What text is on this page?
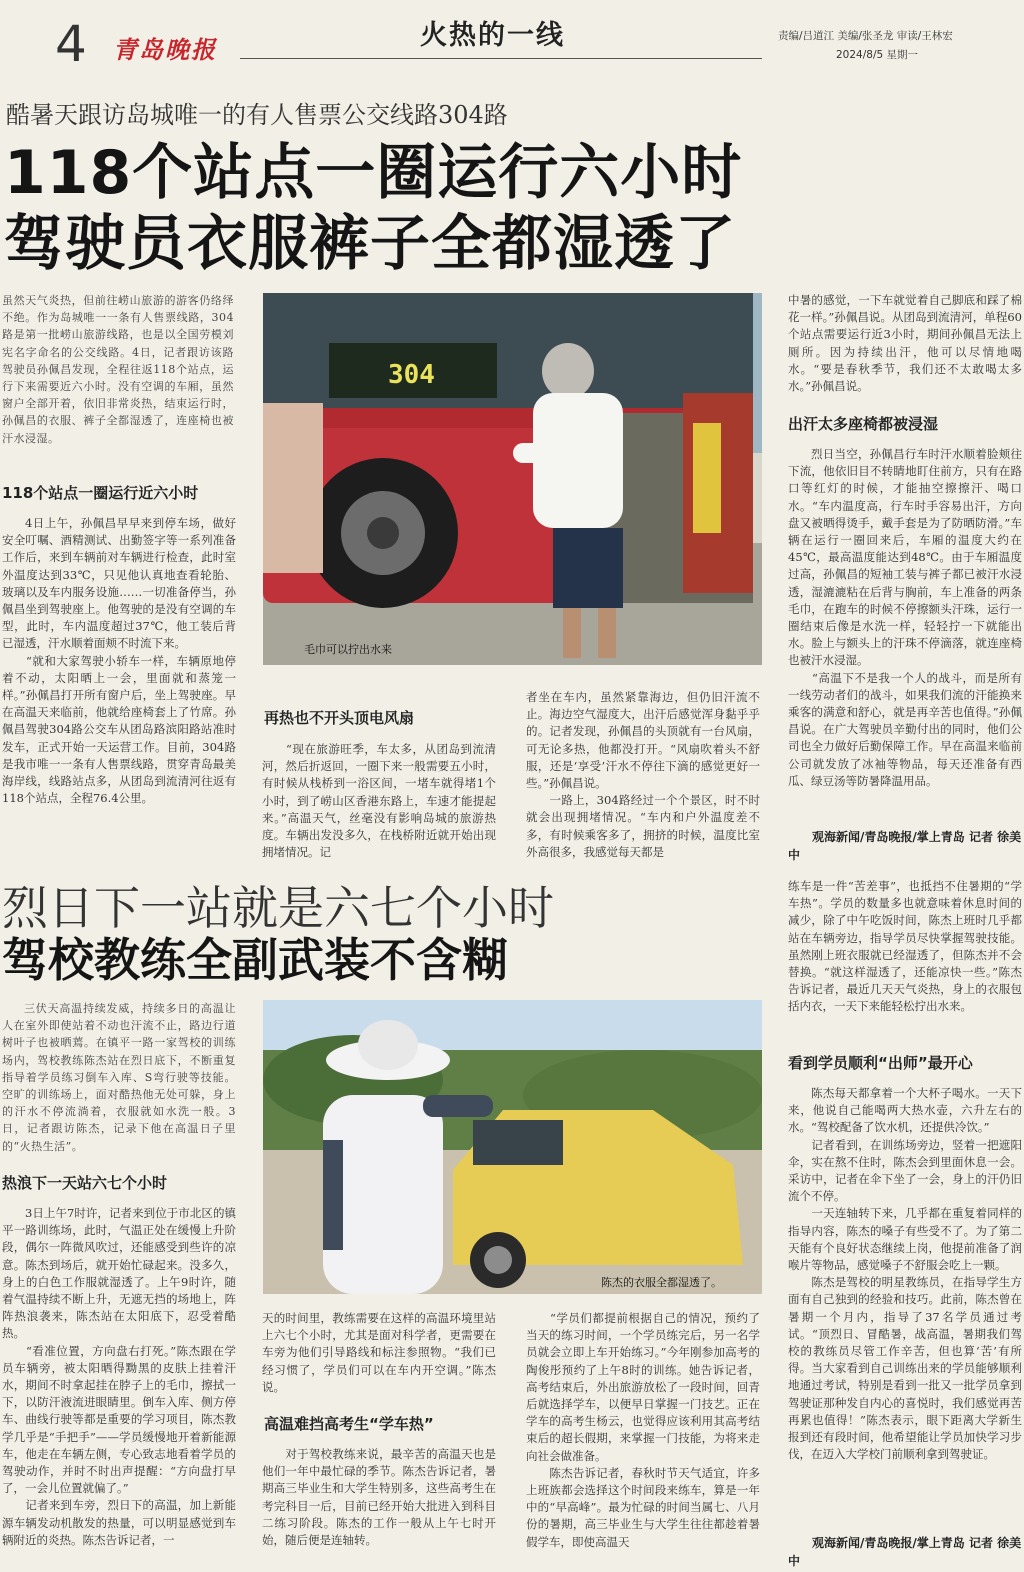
4 青岛晚报	火热的一线	责编/吕道江 美编/张圣龙 审读/王林宏
2024/8/5 星期一
酷暑天跟访岛城唯一的有人售票公交线路304路
118个站点一圈运行六小时
驾驶员衣服裤子全都湿透了
虽然天气炎热，但前往崂山旅游的游客仍络绎不绝。作为岛城唯一一条有人售票线路，304路是第一批崂山旅游线路，也是以全国劳模刘宪名字命名的公交线路。4日，记者跟访该路驾驶员孙佩昌发现，全程往返118个站点，运行下来需要近六小时。没有空调的车厢，虽然窗户全部开着，依旧非常炎热，结束运行时，孙佩昌的衣服、裤子全都湿透了，连座椅也被汗水浸湿。
118个站点一圈运行近六小时
4日上午，孙佩昌早早来到停车场，做好安全叮嘱、酒精测试、出勤签字等一系列准备工作后，来到车辆前对车辆进行检查，此时室外温度达到33℃，只见他认真地查看轮胎、玻璃以及车内服务设施……一切准备停当，孙佩昌坐到驾驶座上。他驾驶的是没有空调的车型，此时，车内温度超过37℃，他工装后背已湿透，汗水顺着面颊不时流下来。
　　“就和大家驾驶小轿车一样，车辆原地停着不动，太阳晒上一会，里面就和蒸笼一样。”孙佩昌打开所有窗户后，坐上驾驶座。早在高温天来临前，他就给座椅套上了竹席。孙佩昌驾驶304路公交车从团岛路滨阳路站准时发车，正式开始一天运营工作。目前，304路是我市唯一一条有人售票线路，贯穿青岛最美海岸线，线路站点多，从团岛到流清河往返有118个站点，全程76.4公里。
304
毛巾可以拧出水来
再热也不开头顶电风扇
　　“现在旅游旺季，车太多，从团岛到流清河，然后折返回，一圈下来一般需要五小时，有时候从栈桥到一浴区间，一堵车就得堵1个小时，到了崂山区香港东路上，车速才能提起来。”高温天气，丝毫没有影响岛城的旅游热度。车辆出发没多久，在栈桥附近就开始出现拥堵情况。记
者坐在车内，虽然紧靠海边，但仍旧汗流不止。海边空气湿度大，出汗后感觉浑身黏乎乎的。记者发现，孙佩昌的头顶就有一台风扇，可无论多热，他都没打开。“风扇吹着头不舒服，还是‘享受’汗水不停往下滴的感觉更好一些。”孙佩昌说。
　　一路上，304路经过一个个景区，时不时就会出现拥堵情况。“车内和户外温度差不多，有时候乘客多了，拥挤的时候，温度比室外高很多，我感觉每天都是
中暑的感觉，一下车就觉着自己脚底和踩了棉花一样。”孙佩昌说。从团岛到流清河，单程60个站点需要运行近3小时，期间孙佩昌无法上厕所。因为持续出汗，他可以尽情地喝水。“要是春秋季节，我们还不太敢喝太多水。”孙佩昌说。
出汗太多座椅都被浸湿
烈日当空，孙佩昌行车时汗水顺着脸颊往下流，他依旧目不转睛地盯住前方，只有在路口等红灯的时候，才能抽空擦擦汗、喝口水。“车内温度高，行车时手容易出汗，方向盘又被晒得烫手，戴手套是为了防晒防滑。”车辆在运行一圈回来后，车厢的温度大约在45℃，最高温度能达到48℃。由于车厢温度过高，孙佩昌的短袖工装与裤子都已被汗水浸透，湿漉漉粘在后背与胸前，车上准备的两条毛巾，在跑车的时候不停擦额头汗珠，运行一圈结束后像是水洗一样，轻轻拧一下就能出水。脸上与额头上的汗珠不停滴落，就连座椅也被汗水浸湿。
　　“高温下不是我一个人的战斗，而是所有一线劳动者们的战斗，如果我们流的汗能换来乘客的满意和舒心，就是再辛苦也值得。”孙佩昌说。在广大驾驶员辛勤付出的同时，他们公司也全力做好后勤保障工作。早在高温来临前公司就发放了冰袖等物品，每天还准备有西瓜、绿豆汤等防暑降温用品。
观海新闻/青岛晚报/掌上青岛 记者 徐美中
烈日下一站就是六七个小时
驾校教练全副武装不含糊
三伏天高温持续发威，持续多日的高温让人在室外即使站着不动也汗流不止，路边行道树叶子也被晒蔫。在镇平一路一家驾校的训练场内，驾校教练陈杰站在烈日底下，不断重复指导着学员练习倒车入库、S弯行驶等技能。空旷的训练场上，面对酷热他无处可躲，身上的汗水不停流淌着，衣服就如水洗一般。3日，记者跟访陈杰，记录下他在高温日子里的“火热生活”。
热浪下一天站六七个小时
3日上午7时许，记者来到位于市北区的镇平一路训练场，此时，气温正处在缓慢上升阶段，偶尔一阵微风吹过，还能感受到些许的凉意。陈杰到场后，就开始忙碌起来。没多久，身上的白色工作服就湿透了。上午9时许，随着气温持续不断上升，无遮无挡的场地上，阵阵热浪袭来，陈杰站在太阳底下，忍受着酷热。
　　“看准位置，方向盘右打死。”陈杰跟在学员车辆旁，被太阳晒得黝黑的皮肤上挂着汗水，期间不时拿起挂在脖子上的毛巾，擦拭一下，以防汗液流进眼睛里。倒车入库、侧方停车、曲线行驶等都是重要的学习项目，陈杰教学几乎是“手把手”——学员缓慢地开着新能源车，他走在车辆左侧，专心致志地看着学员的驾驶动作，并时不时出声提醒：“方向盘打早了，一会儿位置就偏了。”
　　记者来到车旁，烈日下的高温，加上新能源车辆发动机散发的热量，可以明显感觉到车辆附近的炎热。陈杰告诉记者，一
陈杰的衣服全都湿透了。
天的时间里，教练需要在这样的高温环境里站上六七个小时，尤其是面对科学者，更需要在车旁为他们引导路线和标注参照物。“我们已经习惯了，学员们可以在车内开空调。”陈杰说。
高温难挡高考生“学车热”
　　对于驾校教练来说，最辛苦的高温天也是他们一年中最忙碌的季节。陈杰告诉记者，暑期高三毕业生和大学生特别多，这些高考生在考完科目一后，目前已经开始大批进入到科目二练习阶段。陈杰的工作一般从上午七时开始，随后便是连轴转。
　　“学员们都提前根据自己的情况，预约了当天的练习时间，一个学员练完后，另一名学员就会立即上车开始练习。”今年刚参加高考的陶俊彤预约了上午8时的训练。她告诉记者，高考结束后，外出旅游放松了一段时间，回青后就选择学车，以便早日掌握一门技艺。正在学车的高考生杨云，也觉得应该利用其高考结束后的超长假期，来掌握一门技能，为将来走向社会做准备。
　　陈杰告诉记者，春秋时节天气适宜，许多上班族都会选择这个时间段来练车，算是一年中的“早高峰”。最为忙碌的时间当属七、八月份的暑期，高三毕业生与大学生往往都趁着暑假学车，即使高温天
练车是一件“苦差事”，也抵挡不住暑期的“学车热”。学员的数量多也就意味着休息时间的减少，除了中午吃饭时间，陈杰上班时几乎都站在车辆旁边，指导学员尽快掌握驾驶技能。虽然刚上班衣服就已经湿透了，但陈杰并不会替换。“就这样湿透了，还能凉快一些。”陈杰告诉记者，最近几天天气炎热，身上的衣服包括内衣，一天下来能轻松拧出水来。
看到学员顺利“出师”最开心
陈杰每天都拿着一个大杯子喝水。一天下来，他说自己能喝两大热水壶，六升左右的水。“驾校配备了饮水机，还提供冷饮。”
　　记者看到，在训练场旁边，竖着一把遮阳伞，实在熬不住时，陈杰会到里面休息一会。采访中，记者在伞下坐了一会，身上的汗仍旧流个不停。
　　一天连轴转下来，几乎都在重复着同样的指导内容，陈杰的嗓子有些受不了。为了第二天能有个良好状态继续上岗，他提前准备了润喉片等物品，感觉嗓子不舒服会吃上一颗。
　　陈杰是驾校的明星教练员，在指导学生方面有自己独到的经验和技巧。此前，陈杰曾在暑期一个月内，指导了37名学员通过考试。“顶烈日、冒酷暑，战高温，暑期我们驾校的教练员尽管工作辛苦，但也算‘苦’有所得。当大家看到自己训练出来的学员能够顺利地通过考试，特别是看到一批又一批学员拿到驾驶证那种发自内心的喜悦时，我们感觉再苦再累也值得！”陈杰表示，眼下距离大学新生报到还有段时间，他希望能让学员加快学习步伐，在迈入大学校门前顺利拿到驾驶证。
观海新闻/青岛晚报/掌上青岛 记者 徐美中
